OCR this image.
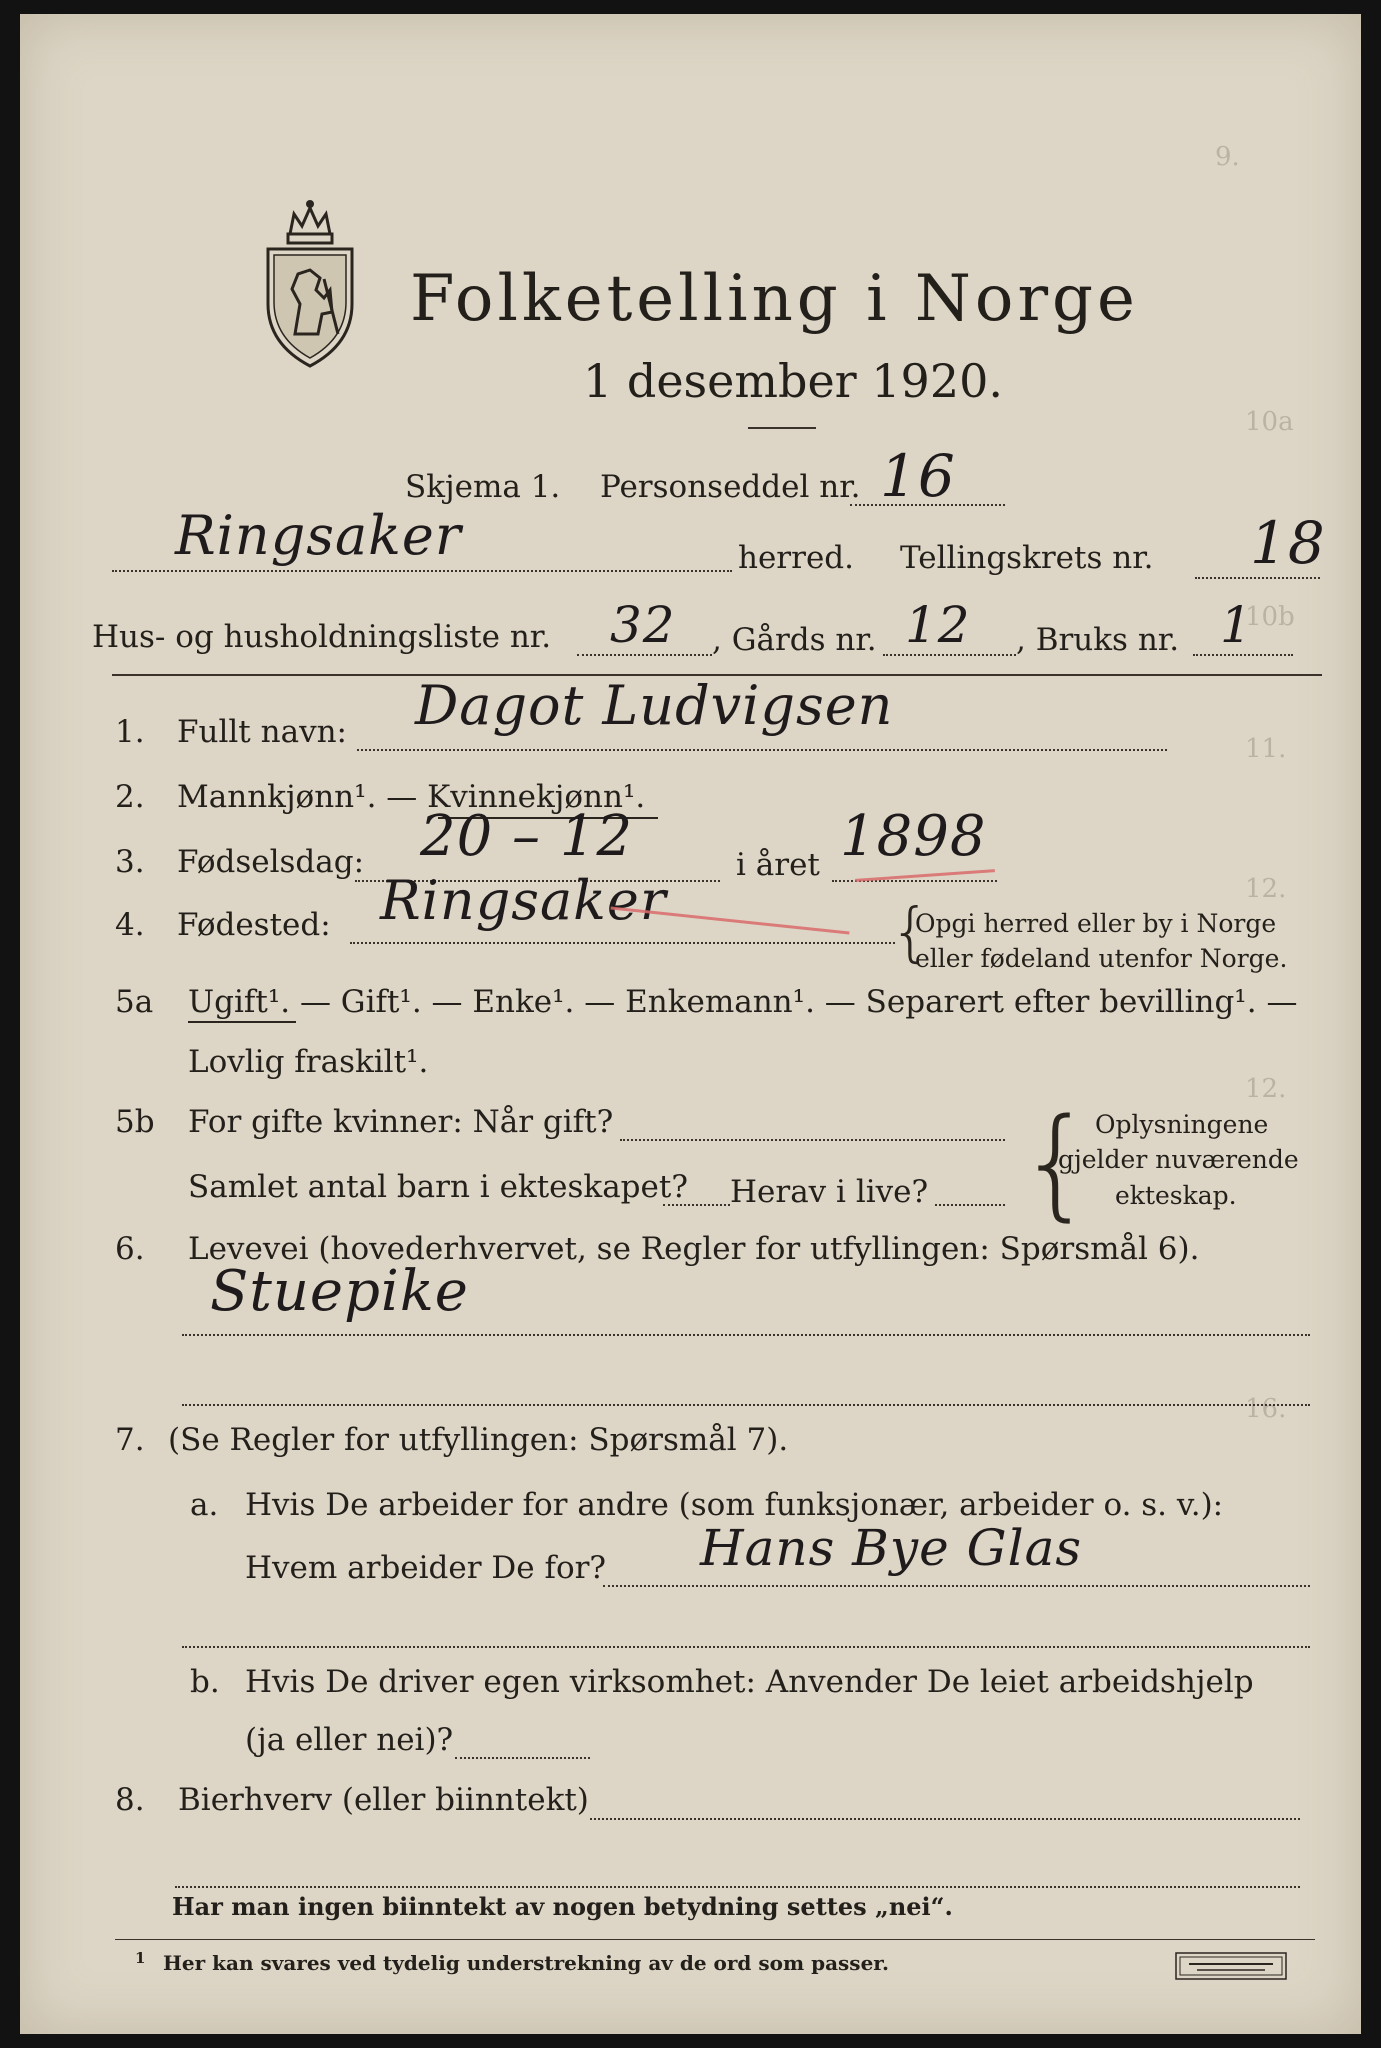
9.
10a
10b
11.
12.
12.
16.
Folketelling i Norge
1 desember 1920.
Skjema 1. Personseddel nr. 16
Ringsaker	herred. Tellingskrets nr. 18
Hus- og husholdningsliste nr. 32 , Gårds nr. 12 , Bruks nr. 1
1. Fullt navn: Dagot Ludvigsen
2. Mannkjønn¹. — Kvinnekjønn¹.
3. Fødselsdag: 20 – 12	i året 1898
4. Fødested: Ringsaker	{
Opgi herred eller by i Norge
eller fødeland utenfor Norge.
5a Ugift¹. — Gift¹. — Enke¹. — Enkemann¹. — Separert efter bevilling¹. —
Lovlig fraskilt¹.
5b For gifte kvinner: Når gift?
Samlet antal barn i ekteskapet? Herav i live? { Oplysningene
gjelder nuværende
ekteskap.
6. Levevei (hovederhvervet, se Regler for utfyllingen: Spørsmål 6).
Stuepike
7. (Se Regler for utfyllingen: Spørsmål 7).
a. Hvis De arbeider for andre (som funksjonær, arbeider o. s. v.):
Hvem arbeider De for? Hans Bye Glas
b. Hvis De driver egen virksomhet: Anvender De leiet arbeidshjelp
(ja eller nei)?
8. Bierhverv (eller biinntekt)
Har man ingen biinntekt av nogen betydning settes „nei“.
1 Her kan svares ved tydelig understrekning av de ord som passer.
